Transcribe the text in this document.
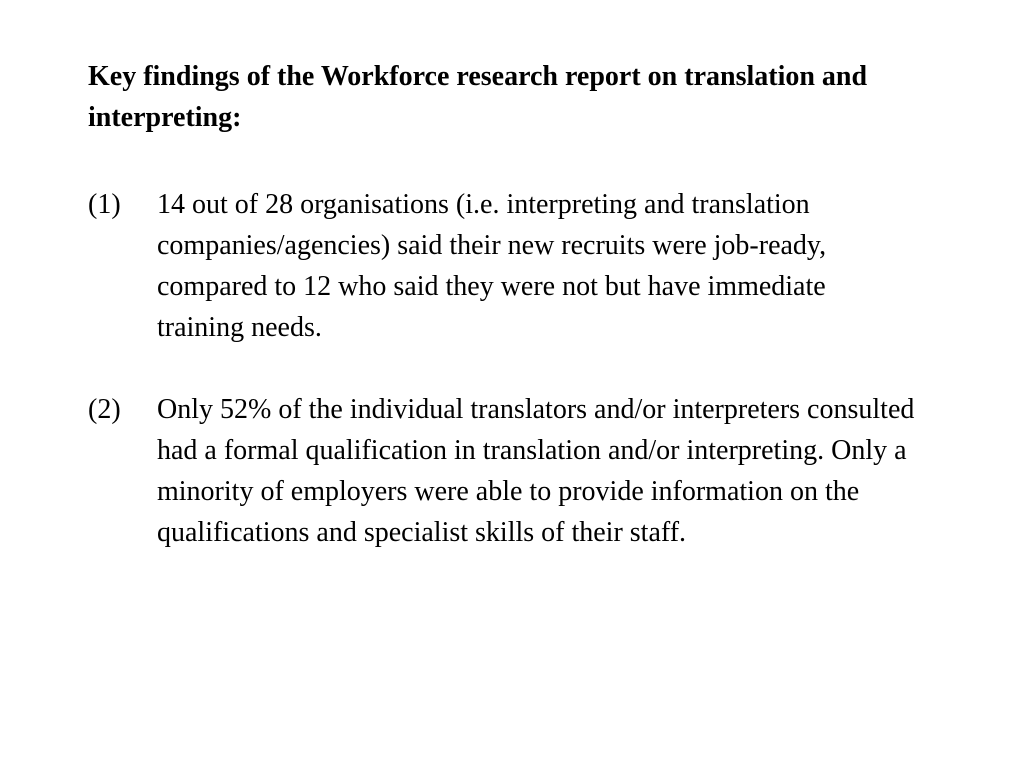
Key findings of the Workforce research report on translation and interpreting:
(1) 14 out of 28 organisations (i.e. interpreting and translation companies/agencies) said their new recruits were job-ready, compared to 12 who said they were not but have immediate training needs.
(2) Only 52% of the individual translators and/or interpreters consulted had a formal qualification in translation and/or interpreting. Only a minority of employers were able to provide information on the qualifications and specialist skills of their staff.
